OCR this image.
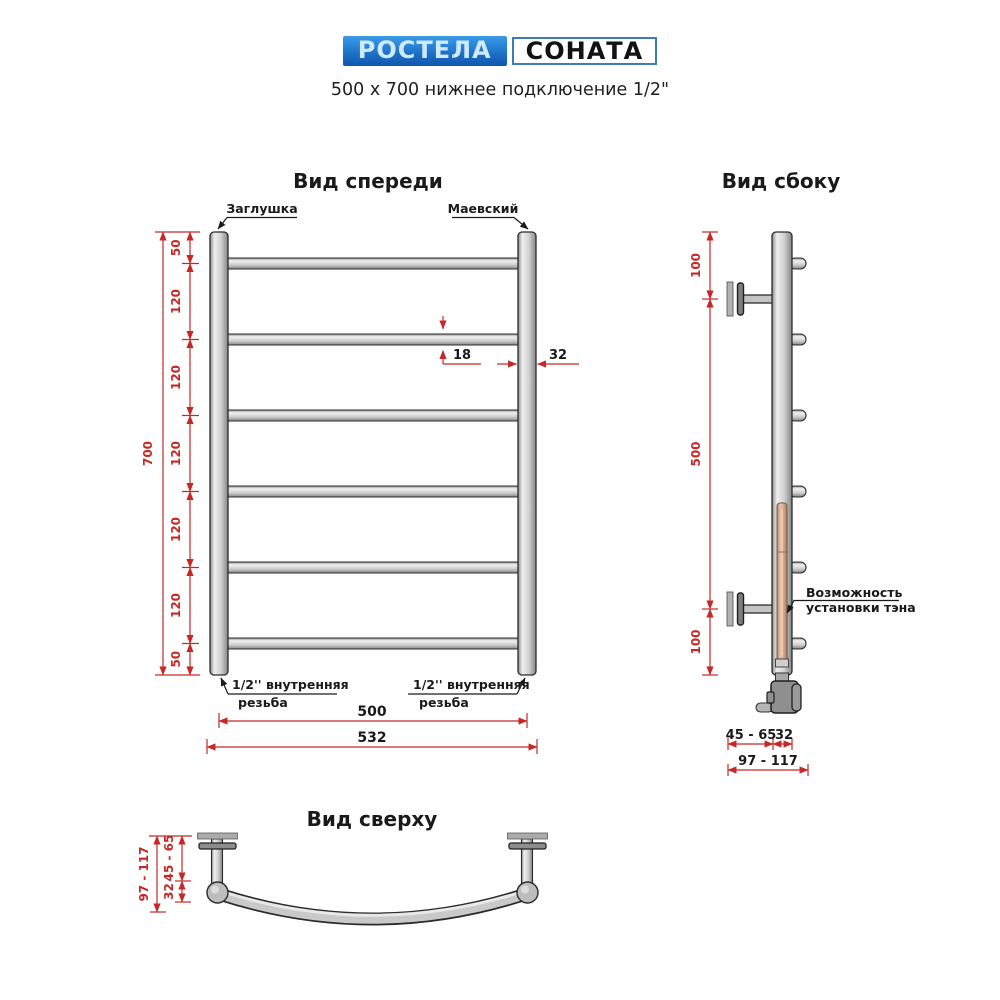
РОСТЕЛА	СОНАТА
500 x 700 нижнее подключение 1/2"
Вид спереди
Заглушка	Маевский
700
50
120
120
120
120
120
50
18	32
1/2'' внутренняя
резьба
1/2'' внутренняя
резьба
500
532
Вид сбоку
Возможность
установки тэна
100
500
100
45 - 65
32
97 - 117
Вид сверху
97 - 117 45 - 65
32
